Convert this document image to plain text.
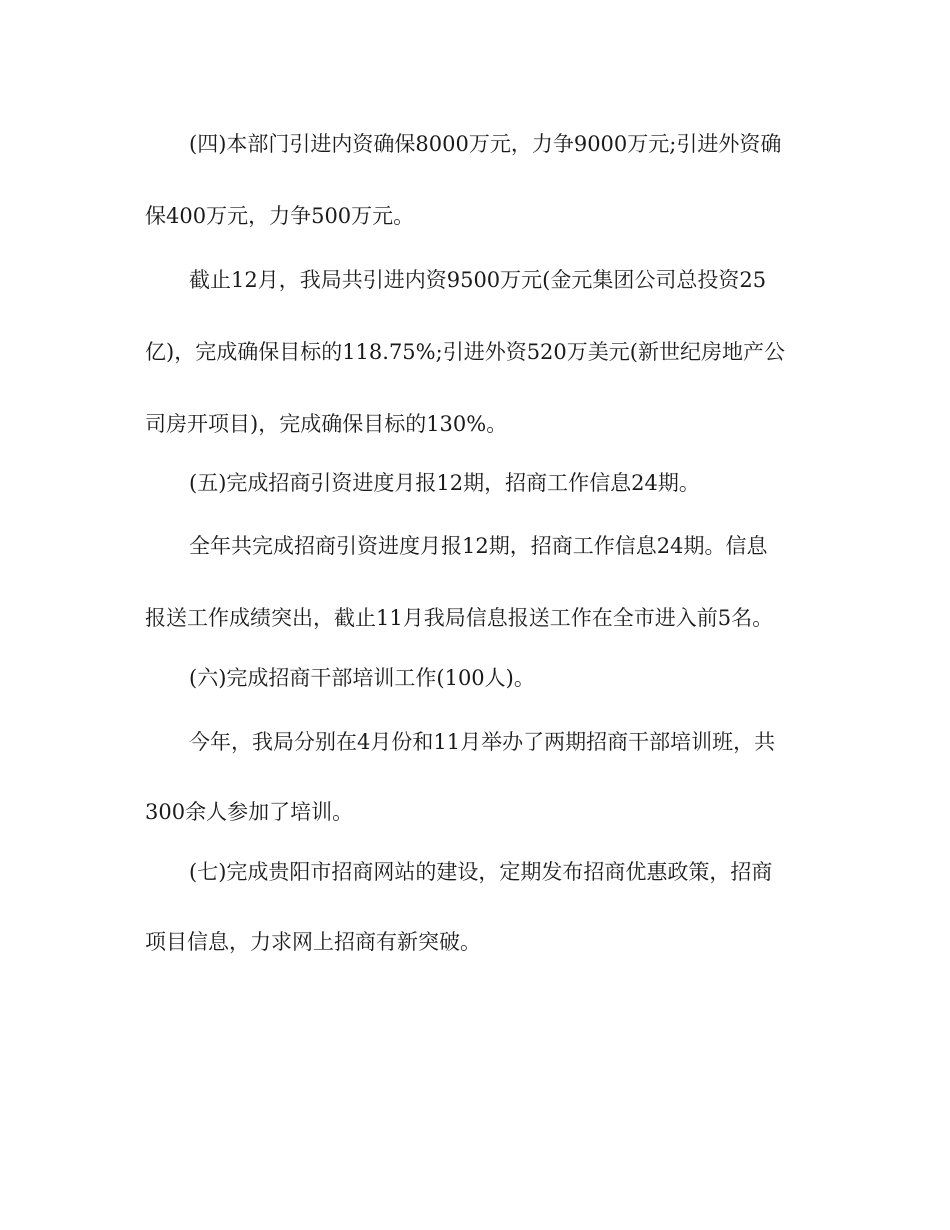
(四)本部门引进内资确保8000万元，力争9000万元;引进外资确
保400万元，力争500万元。
截止12月，我局共引进内资9500万元(金元集团公司总投资25
亿)，完成确保目标的118.75%;引进外资520万美元(新世纪房地产公
司房开项目)，完成确保目标的130%。
(五)完成招商引资进度月报12期，招商工作信息24期。
全年共完成招商引资进度月报12期，招商工作信息24期。信息
报送工作成绩突出，截止11月我局信息报送工作在全市进入前5名。
(六)完成招商干部培训工作(100人)。
今年，我局分别在4月份和11月举办了两期招商干部培训班，共
300余人参加了培训。
(七)完成贵阳市招商网站的建设，定期发布招商优惠政策，招商
项目信息，力求网上招商有新突破。
